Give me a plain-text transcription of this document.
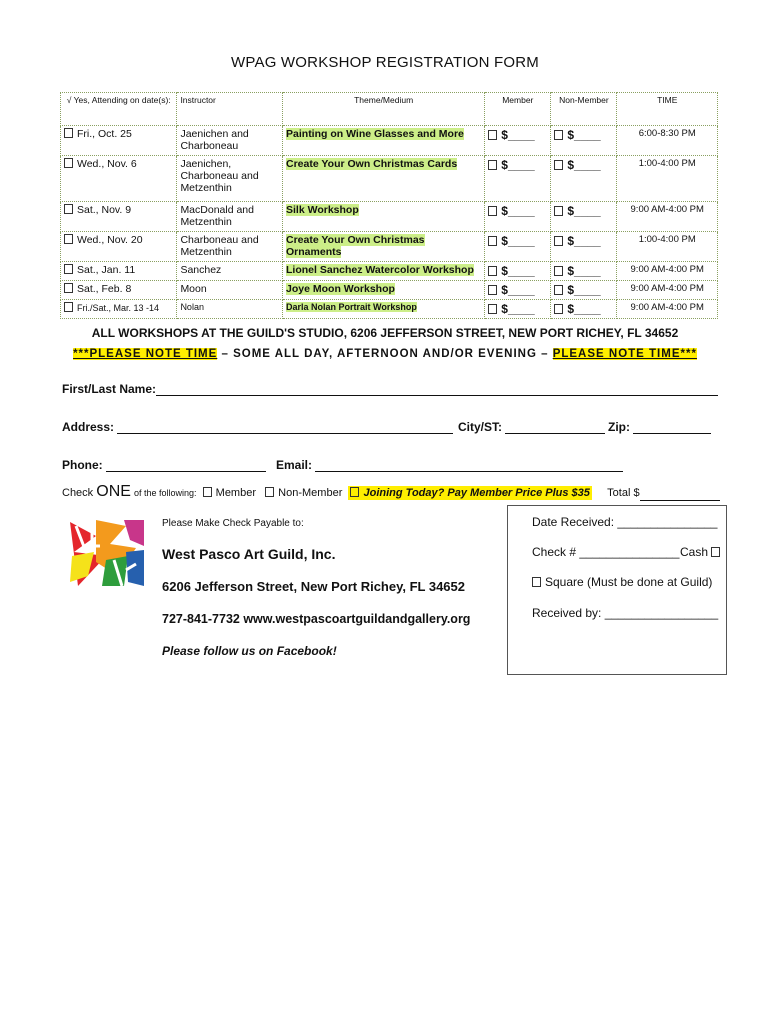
WPAG WORKSHOP REGISTRATION FORM
√ Yes, Attending on date(s):	Instructor	Theme/Medium	Member	Non-Member	TIME
Fri., Oct. 25	Jaenichen and Charboneau	Painting on Wine Glasses and More	$____	$____	6:00-8:30 PM
Wed., Nov. 6	Jaenichen, Charboneau and Metzenthin	Create Your Own Christmas Cards	$____	$____	1:00-4:00 PM
Sat., Nov. 9	MacDonald and Metzenthin	Silk Workshop	$____	$____	9:00 AM-4:00 PM
Wed., Nov. 20	Charboneau and Metzenthin	Create Your Own Christmas Ornaments	$____	$____	1:00-4:00 PM
Sat., Jan. 11	Sanchez	Lionel Sanchez Watercolor Workshop	$____	$____	9:00 AM-4:00 PM
Sat., Feb. 8	Moon	Joye Moon Workshop	$____	$____	9:00 AM-4:00 PM
Fri./Sat., Mar. 13 -14	Nolan	Darla Nolan Portrait Workshop	$____	$____	9:00 AM-4:00 PM
ALL WORKSHOPS AT THE GUILD'S STUDIO, 6206 JEFFERSON STREET, NEW PORT RICHEY, FL 34652
***PLEASE NOTE TIME – SOME ALL DAY, AFTERNOON AND/OR EVENING – PLEASE NOTE TIME***
First/Last Name:
Address:	City/ST:	Zip:
Phone:	Email:
Check ONE of the following: Member Non-Member Joining Today? Pay Member Price Plus $35 Total $
Please Make Check Payable to:
West Pasco Art Guild, Inc.
6206 Jefferson Street, New Port Richey, FL 34652
727-841-7732 www.westpascoartguildandgallery.org
Please follow us on Facebook!
Date Received: _______________
Check # _______________ Cash
Square (Must be done at Guild)
Received by: _________________
